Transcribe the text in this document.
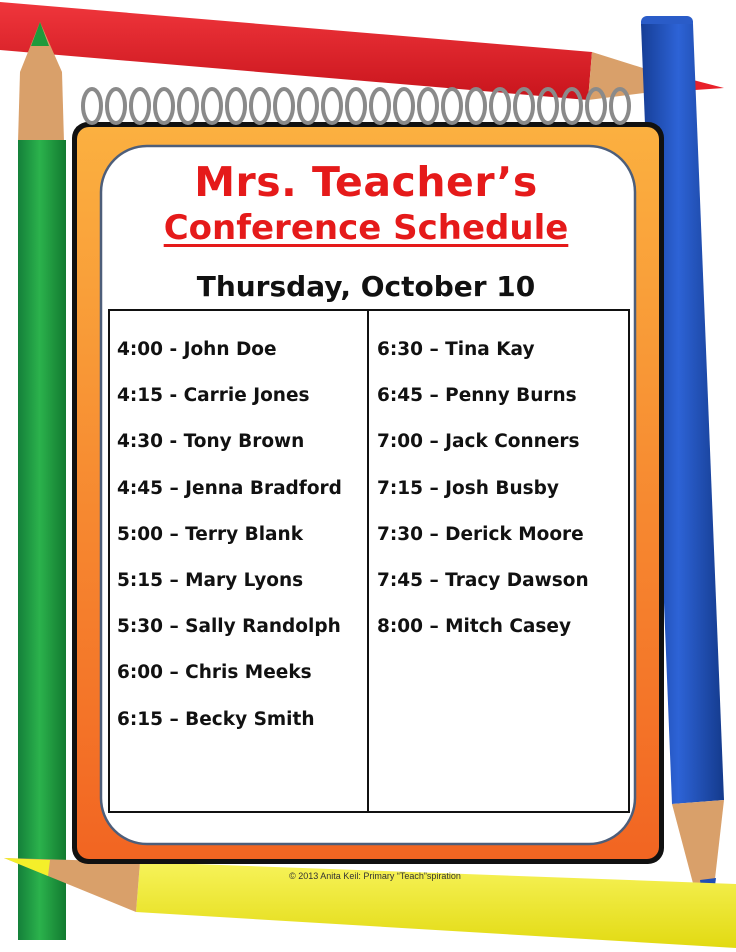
Mrs. Teacher’s
Conference Schedule
Thursday, October 10
4:00 - John Doe
4:15 - Carrie Jones
4:30 - Tony Brown
4:45 – Jenna Bradford
5:00 – Terry Blank
5:15 – Mary Lyons
5:30 – Sally Randolph
6:00 – Chris Meeks
6:15 – Becky Smith
6:30 – Tina Kay
6:45 – Penny Burns
7:00 – Jack Conners
7:15 – Josh Busby
7:30 – Derick Moore
7:45 – Tracy Dawson
8:00 – Mitch Casey
© 2013 Anita Keil: Primary “Teach”spiration
